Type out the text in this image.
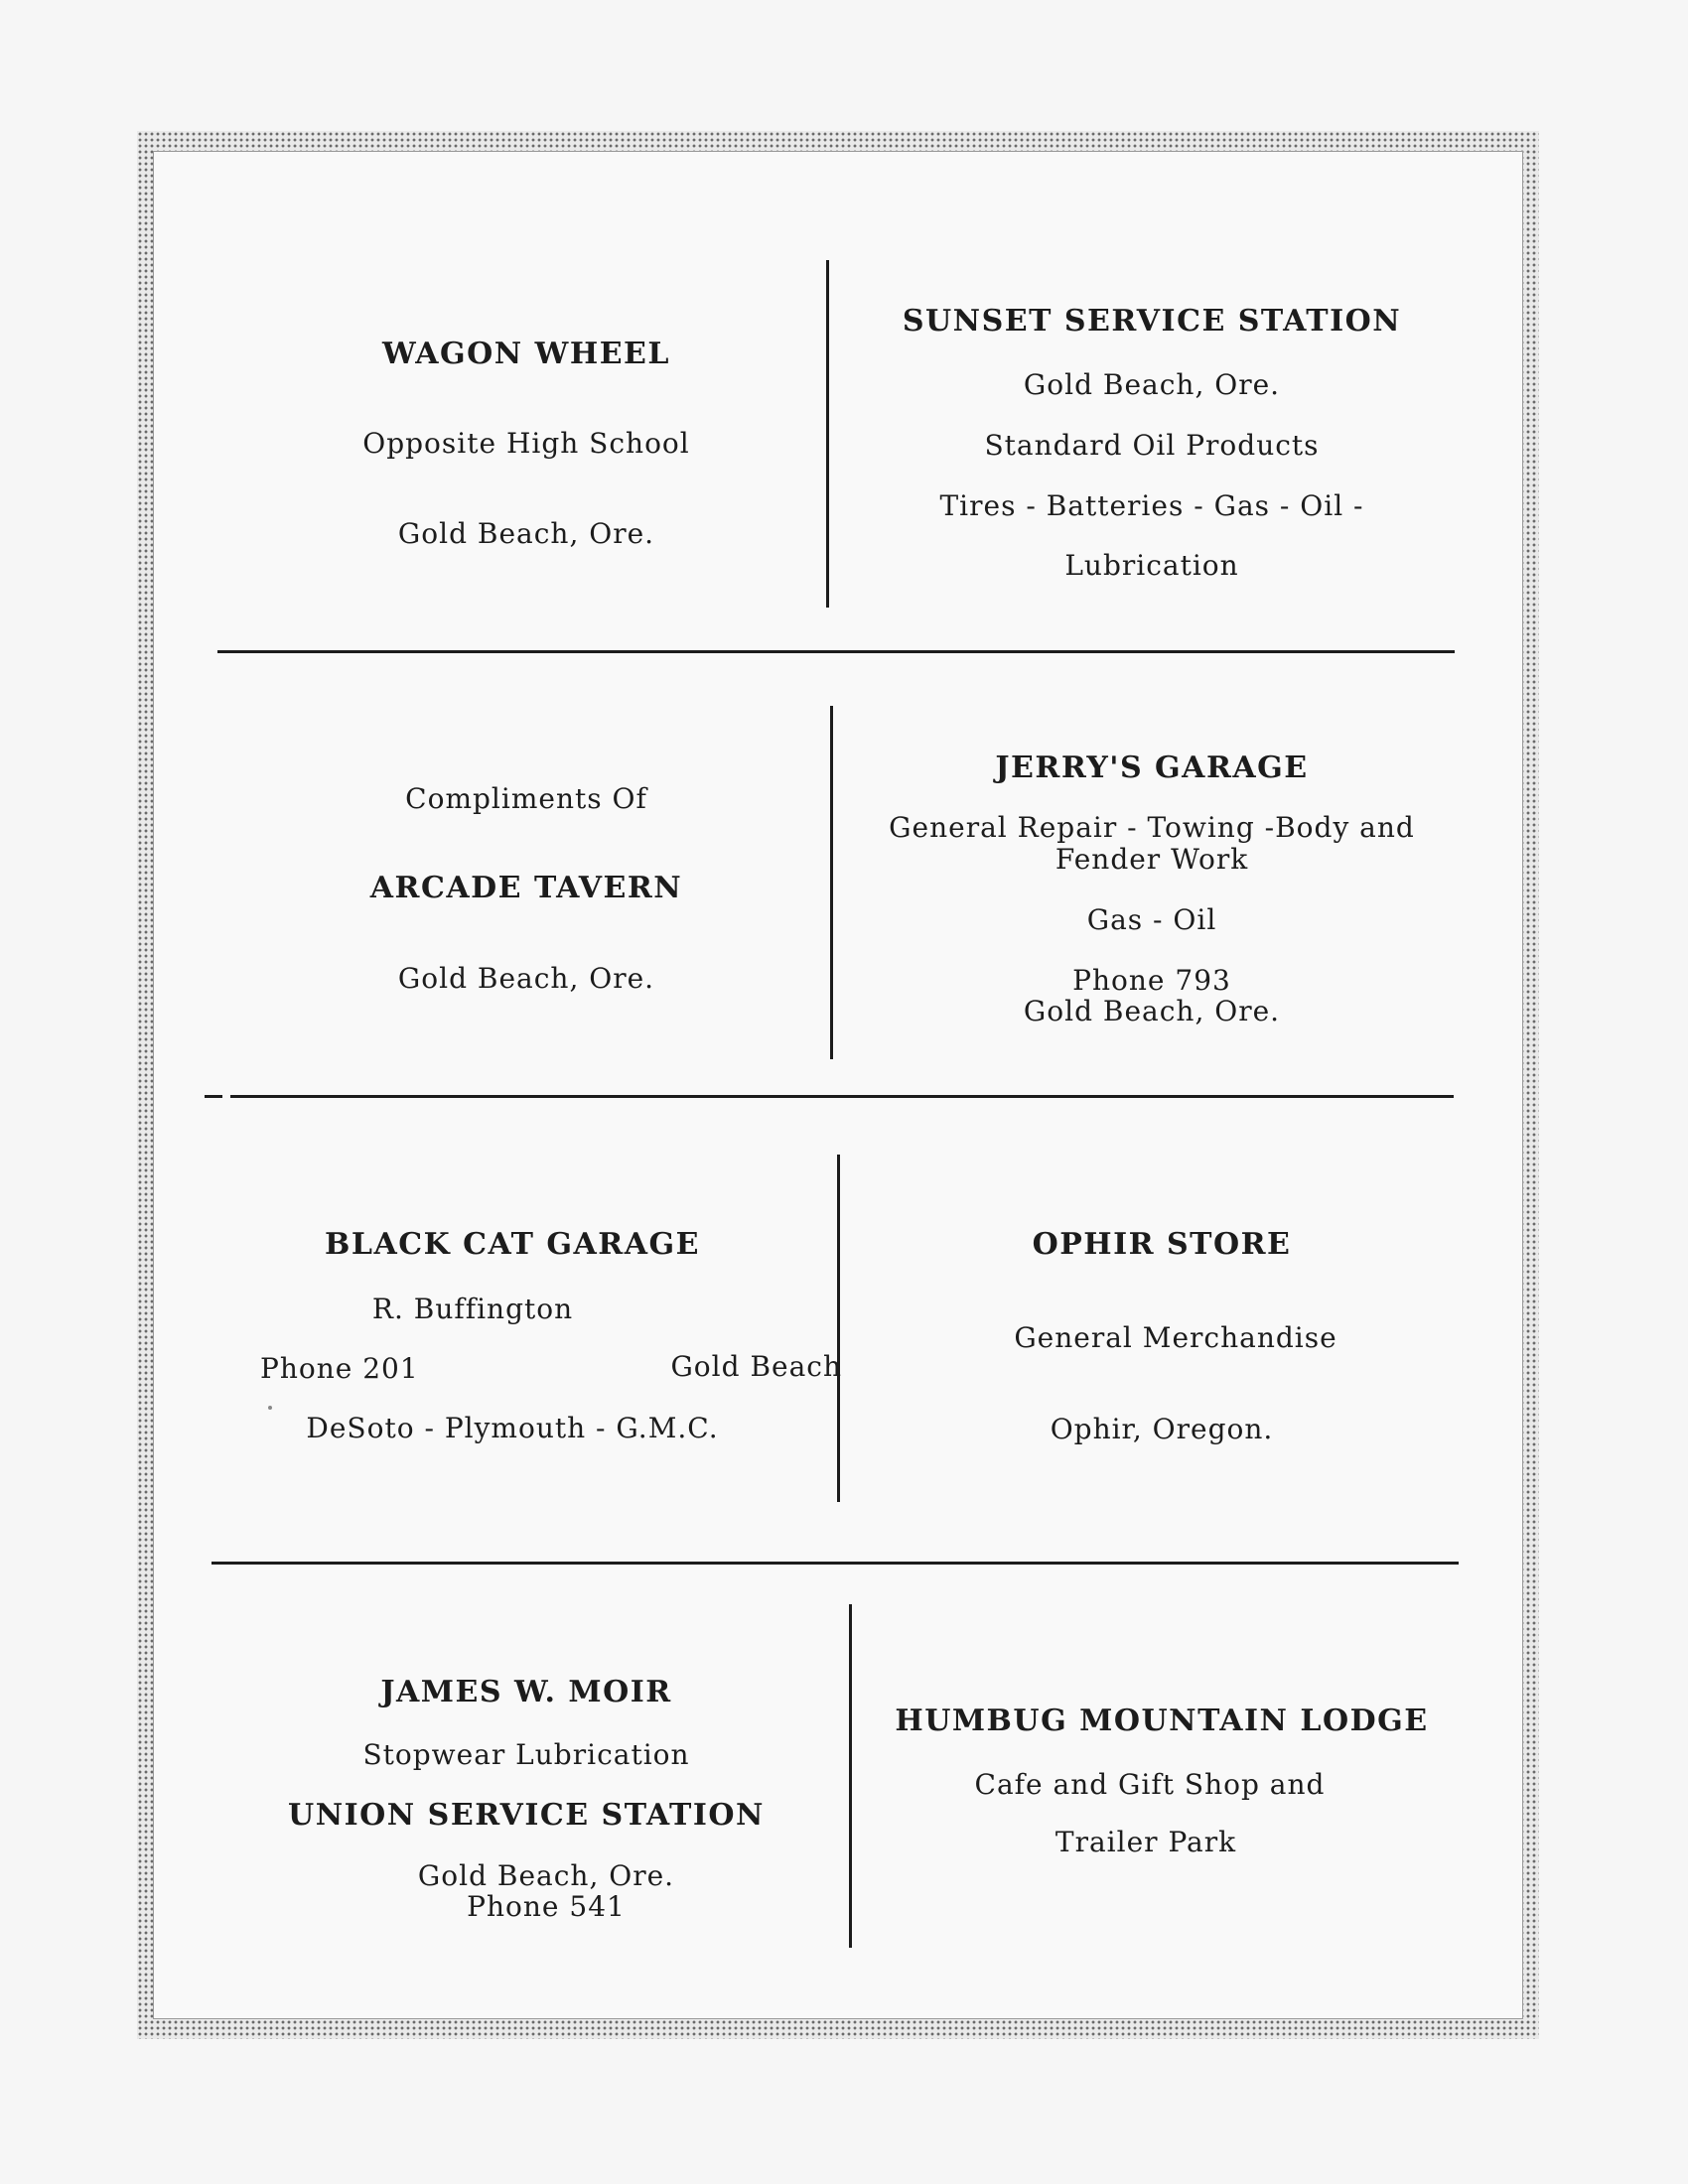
WAGON WHEEL
Opposite High School
Gold Beach, Ore.
SUNSET SERVICE STATION
Gold Beach, Ore.
Standard Oil Products
Tires - Batteries - Gas - Oil -
Lubrication
Compliments Of
ARCADE TAVERN
Gold Beach, Ore.
JERRY'S GARAGE
General Repair - Towing -Body and
Fender Work
Gas - Oil
Phone 793
Gold Beach, Ore.
BLACK CAT GARAGE
R. Buffington
Phone 201	Gold Beach
DeSoto - Plymouth - G.M.C.
OPHIR STORE
General Merchandise
Ophir, Oregon.
JAMES W. MOIR
Stopwear Lubrication
UNION SERVICE STATION
Gold Beach, Ore.
Phone 541
HUMBUG MOUNTAIN LODGE
Cafe and Gift Shop and
Trailer Park
